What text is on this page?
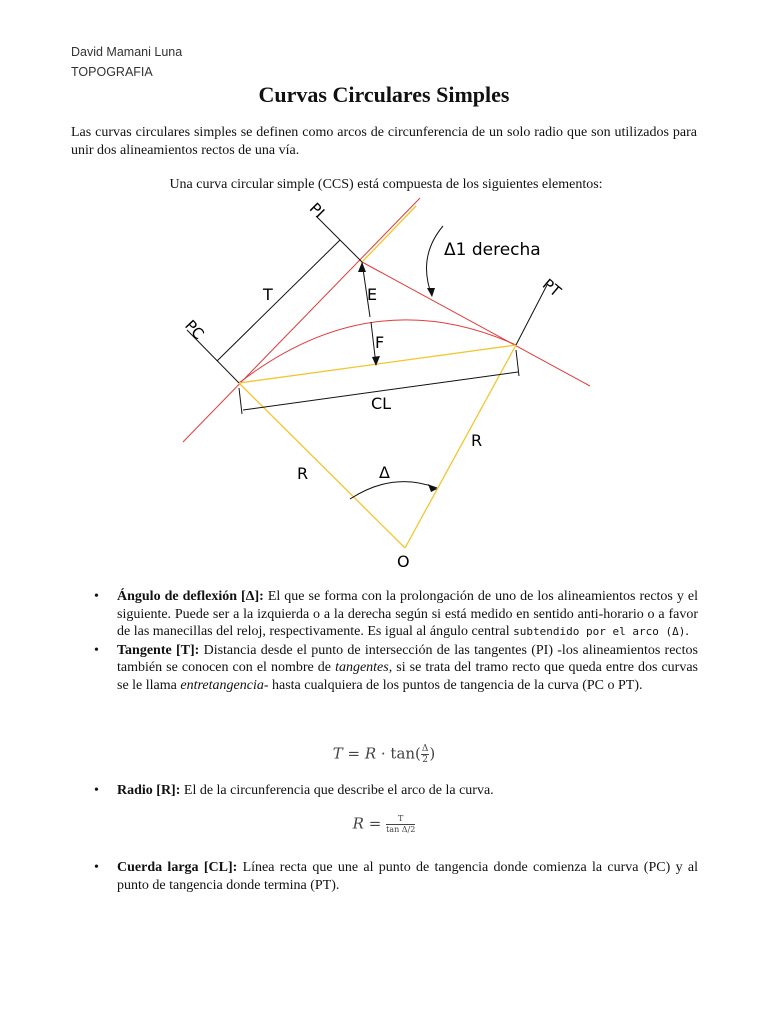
David Mamani Luna
TOPOGRAFIA
Curvas Circulares Simples
Las curvas circulares simples se definen como arcos de circunferencia de un solo radio que son utilizados para unir dos alineamientos rectos de una vía.
Una curva circular simple (CCS) está compuesta de los siguientes elementos:
PI
PC
PT
T	E
F
CL
R
R	Δ
O
Δ1 derecha
• Ángulo de deflexión [Δ]: El que se forma con la prolongación de uno de los alineamientos rectos y el siguiente. Puede ser a la izquierda o a la derecha según si está medido en sentido anti-horario o a favor de las manecillas del reloj, respectivamente. Es igual al ángulo central subtendido por el arco (Δ).
• Tangente [T]: Distancia desde el punto de intersección de las tangentes (PI) -los alineamientos rectos también se conocen con el nombre de tangentes, si se trata del tramo recto que queda entre dos curvas se le llama entretangencia- hasta cualquiera de los puntos de tangencia de la curva (PC o PT).
$T = R \cdot \tan( \frac{\Delta}{2}$ )
• Radio [R]: El de la circunferencia que describe el arco de la curva.
$R = \frac{T}{\text{tan Δ/2}}$
• Cuerda larga [CL]: Línea recta que une al punto de tangencia donde comienza la curva (PC) y al punto de tangencia donde termina (PT).
